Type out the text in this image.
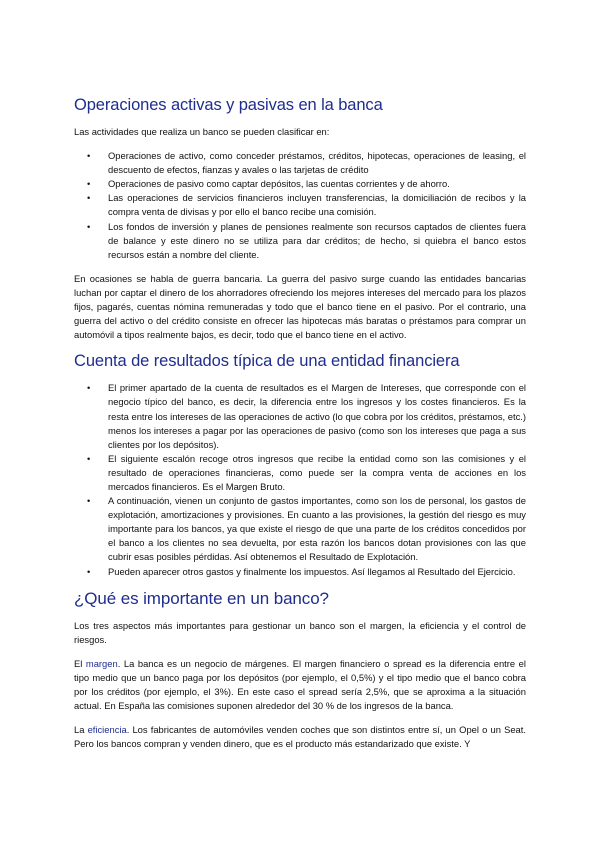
Operaciones activas y pasivas en la banca

Las actividades que realiza un banco se pueden clasificar en:

• Operaciones de activo, como conceder préstamos, créditos, hipotecas, operaciones de leasing, el descuento de efectos, fianzas y avales o las tarjetas de crédito
• Operaciones de pasivo como captar depósitos, las cuentas corrientes y de ahorro.
• Las operaciones de servicios financieros incluyen transferencias, la domiciliación de recibos y la compra venta de divisas y por ello el banco recibe una comisión.
• Los fondos de inversión y planes de pensiones realmente son recursos captados de clientes fuera de balance y este dinero no se utiliza para dar créditos; de hecho, si quiebra el banco estos recursos están a nombre del cliente.

En ocasiones se habla de guerra bancaria. La guerra del pasivo surge cuando las entidades bancarias luchan por captar el dinero de los ahorradores ofreciendo los mejores intereses del mercado para los plazos fijos, pagarés, cuentas nómina remuneradas y todo que el banco tiene en el pasivo. Por el contrario, una guerra del activo o del crédito consiste en ofrecer las hipotecas más baratas o préstamos para comprar un automóvil a tipos realmente bajos, es decir, todo que el banco tiene en el activo.

Cuenta de resultados típica de una entidad financiera
• El primer apartado de la cuenta de resultados es el Margen de Intereses, que corresponde con el negocio típico del banco, es decir, la diferencia entre los ingresos y los costes financieros. Es la resta entre los intereses de las operaciones de activo (lo que cobra por los créditos, préstamos, etc.) menos los intereses a pagar por las operaciones de pasivo (como son los intereses que paga a sus clientes por los depósitos).
• El siguiente escalón recoge otros ingresos que recibe la entidad como son las comisiones y el resultado de operaciones financieras, como puede ser la compra venta de acciones en los mercados financieros. Es el Margen Bruto.
• A continuación, vienen un conjunto de gastos importantes, como son los de personal, los gastos de explotación, amortizaciones y provisiones. En cuanto a las provisiones, la gestión del riesgo es muy importante para los bancos, ya que existe el riesgo de que una parte de los créditos concedidos por el banco a los clientes no sea devuelta, por esta razón los bancos dotan provisiones con las que cubrir esas posibles pérdidas. Así obtenemos el Resultado de Explotación.
• Pueden aparecer otros gastos y finalmente los impuestos. Así llegamos al Resultado del Ejercicio.
¿Qué es importante en un banco?

Los tres aspectos más importantes para gestionar un banco son el margen, la eficiencia y el control de riesgos.

El margen. La banca es un negocio de márgenes. El margen financiero o spread es la diferencia entre el tipo medio que un banco paga por los depósitos (por ejemplo, el 0,5%) y el tipo medio que el banco cobra por los créditos (por ejemplo, el 3%). En este caso el spread sería 2,5%, que se aproxima a la situación actual. En España las comisiones suponen alrededor del 30 % de los ingresos de la banca.

La eficiencia. Los fabricantes de automóviles venden coches que son distintos entre sí, un Opel o un Seat. Pero los bancos compran y venden dinero, que es el producto más estandarizado que existe. Y
